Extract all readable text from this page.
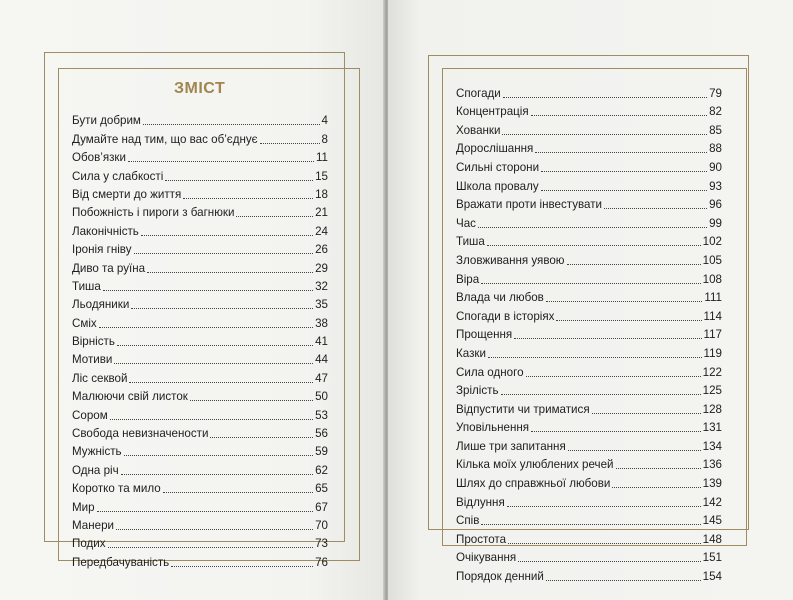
ЗМІСТ
Бути добрим	4
Думайте над тим, що вас об’єднує	8
Обов’язки	11
Сила у слабкості	15
Від смерти до життя	18
Побожність і пироги з багнюки	21
Лаконічність	24
Іронія гніву	26
Диво та руїна	29
Тиша	32
Льодяники	35
Сміх	38
Вірність	41
Мотиви	44
Ліс секвой	47
Малюючи свій листок	50
Сором	53
Свобода невизначености	56
Мужність	59
Одна річ	62
Коротко та мило	65
Мир	67
Манери	70
Подих	73
Передбачуваність	76
Спогади	79
Концентрація	82
Хованки	85
Дорослішання	88
Сильні сторони	90
Школа провалу	93
Вражати проти інвестувати	96
Час	99
Тиша	102
Зловживання уявою	105
Віра	108
Влада чи любов	111
Спогади в історіях	114
Прощення	117
Казки	119
Сила одного	122
Зрілість	125
Відпустити чи триматися	128
Уповільнення	131
Лише три запитання	134
Кілька моїх улюблених речей	136
Шлях до справжньої любови	139
Відлуння	142
Спів	145
Простота	148
Очікування	151
Порядок денний	154
